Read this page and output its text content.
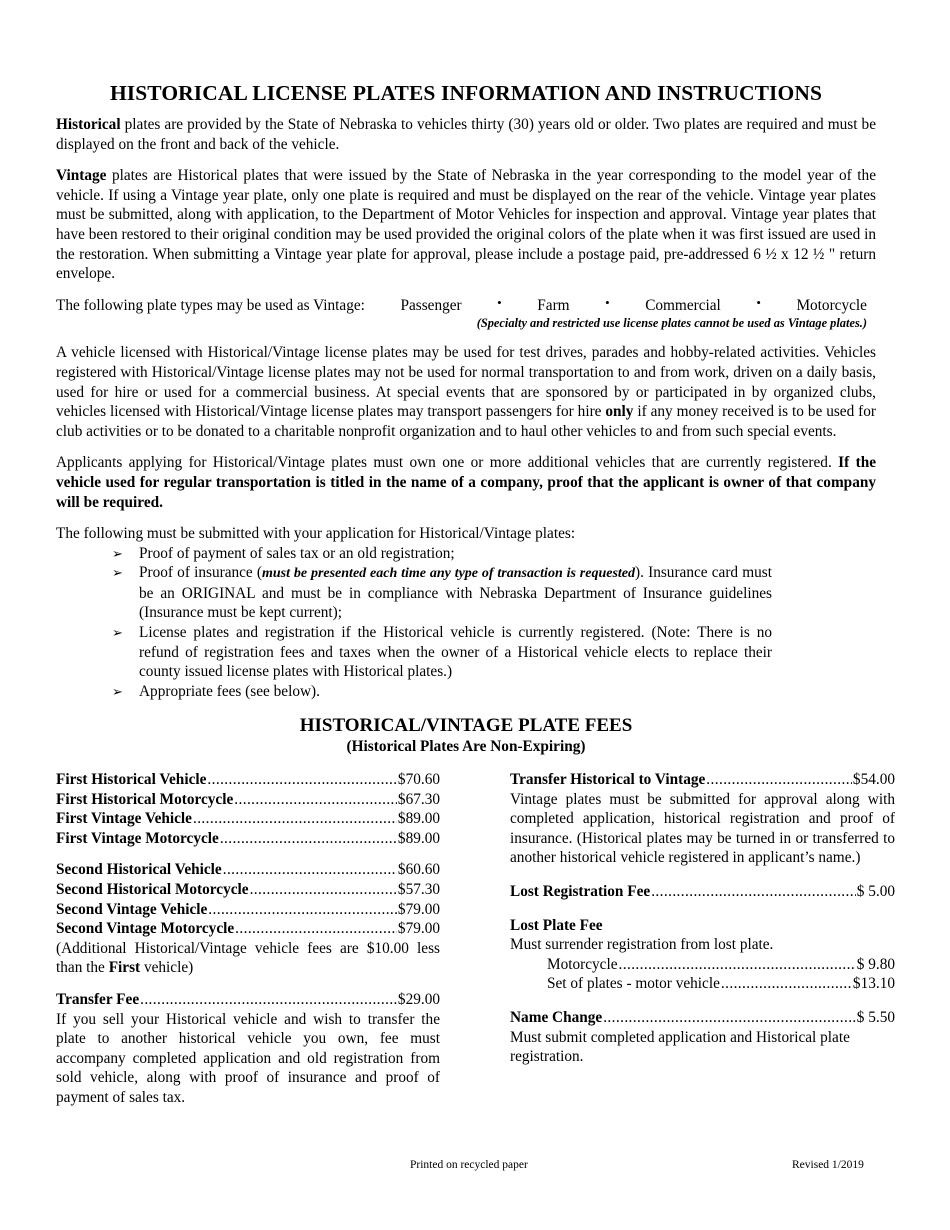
HISTORICAL LICENSE PLATES INFORMATION AND INSTRUCTIONS

Historical plates are provided by the State of Nebraska to vehicles thirty (30) years old or older. Two plates are required and must be displayed on the front and back of the vehicle.

Vintage plates are Historical plates that were issued by the State of Nebraska in the year corresponding to the model year of the vehicle. If using a Vintage year plate, only one plate is required and must be displayed on the rear of the vehicle. Vintage year plates must be submitted, along with application, to the Department of Motor Vehicles for inspection and approval. Vintage year plates that have been restored to their original condition may be used provided the original colors of the plate when it was first issued are used in the restoration. When submitting a Vintage year plate for approval, please include a postage paid, pre-addressed 6 ½ x 12 ½ " return envelope.

The following plate types may be used as Vintage: Passenger	• Farm	• Commercial	• Motorcycle
(Specialty and restricted use license plates cannot be used as Vintage plates.)

A vehicle licensed with Historical/Vintage license plates may be used for test drives, parades and hobby-related activities. Vehicles registered with Historical/Vintage license plates may not be used for normal transportation to and from work, driven on a daily basis, used for hire or used for a commercial business. At special events that are sponsored by or participated in by organized clubs, vehicles licensed with Historical/Vintage license plates may transport passengers for hire only if any money received is to be used for club activities or to be donated to a charitable nonprofit organization and to haul other vehicles to and from such special events.

Applicants applying for Historical/Vintage plates must own one or more additional vehicles that are currently registered. If the vehicle used for regular transportation is titled in the name of a company, proof that the applicant is owner of that company will be required.

The following must be submitted with your application for Historical/Vintage plates:
➢ Proof of payment of sales tax or an old registration;
➢ Proof of insurance (must be presented each time any type of transaction is requested). Insurance card must be an ORIGINAL and must be in compliance with Nebraska Department of Insurance guidelines (Insurance must be kept current);
➢ License plates and registration if the Historical vehicle is currently registered. (Note: There is no refund of registration fees and taxes when the owner of a Historical vehicle elects to replace their county issued license plates with Historical plates.)
➢ Appropriate fees (see below).
HISTORICAL/VINTAGE PLATE FEES
(Historical Plates Are Non-Expiring)
First Historical Vehicle .....	$70.60
First Historical Motorcycle .....	$67.30
First Vintage Vehicle .....	$89.00
First Vintage Motorcycle .....	$89.00
Second Historical Vehicle .....	$60.60
Second Historical Motorcycle .....	$57.30
Second Vintage Vehicle .....	$79.00
Second Vintage Motorcycle .....	$79.00
(Additional Historical/Vintage vehicle fees are $10.00 less than the First vehicle)
Transfer Fee .....	$29.00
If you sell your Historical vehicle and wish to transfer the plate to another historical vehicle you own, fee must accompany completed application and old registration from sold vehicle, along with proof of insurance and proof of payment of sales tax.
Transfer Historical to Vintage .....	$54.00
Vintage plates must be submitted for approval along with completed application, historical registration and proof of insurance. (Historical plates may be turned in or transferred to another historical vehicle registered in applicant’s name.)
Lost Registration Fee .....	$ 5.00
Lost Plate Fee
Must surrender registration from lost plate.
Motorcycle .....	$ 9.80
Set of plates - motor vehicle .....	$13.10
Name Change .....	$ 5.50
Must submit completed application and Historical plate registration.
Printed on recycled paper	Revised 1/2019
